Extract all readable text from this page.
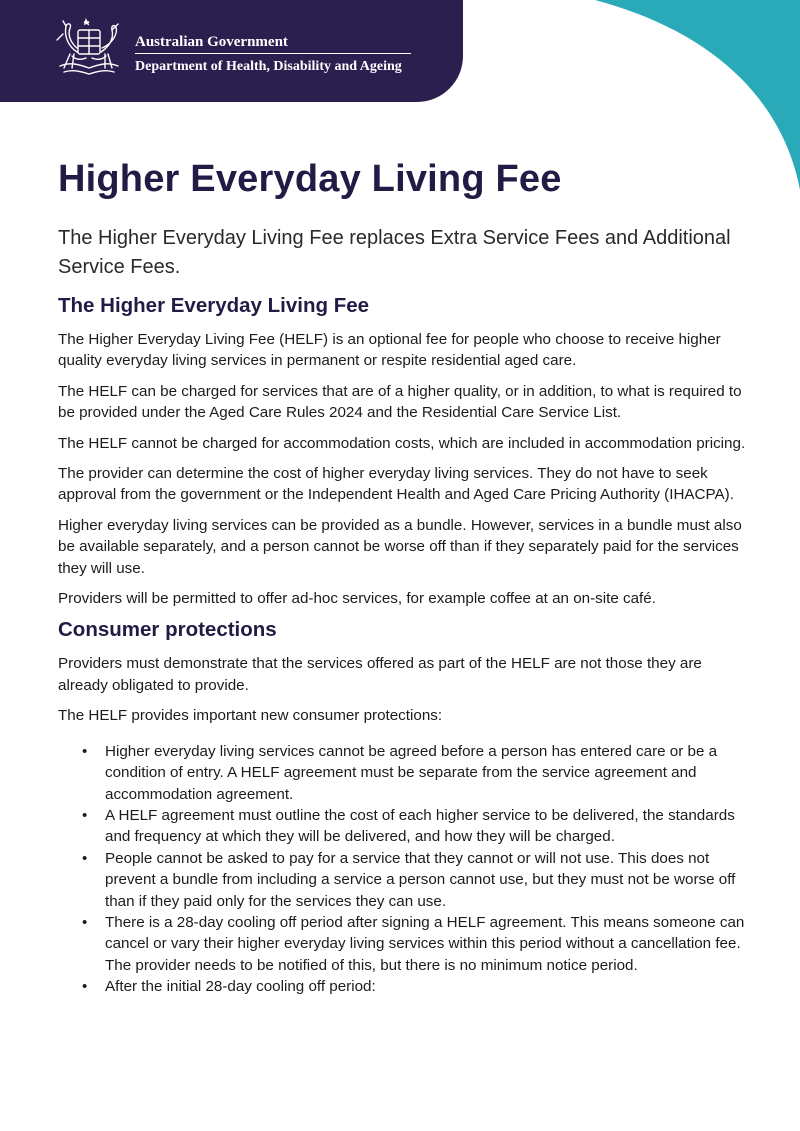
Australian Government
Department of Health, Disability and Ageing
Higher Everyday Living Fee

The Higher Everyday Living Fee replaces Extra Service Fees and Additional Service Fees.

The Higher Everyday Living Fee

The Higher Everyday Living Fee (HELF) is an optional fee for people who choose to receive higher quality everyday living services in permanent or respite residential aged care.

The HELF can be charged for services that are of a higher quality, or in addition, to what is required to be provided under the Aged Care Rules 2024 and the Residential Care Service List.

The HELF cannot be charged for accommodation costs, which are included in accommodation pricing.

The provider can determine the cost of higher everyday living services. They do not have to seek approval from the government or the Independent Health and Aged Care Pricing Authority (IHACPA).

Higher everyday living services can be provided as a bundle. However, services in a bundle must also be available separately, and a person cannot be worse off than if they separately paid for the services they will use.

Providers will be permitted to offer ad-hoc services, for example coffee at an on-site café.

Consumer protections

Providers must demonstrate that the services offered as part of the HELF are not those they are already obligated to provide.

The HELF provides important new consumer protections:

• Higher everyday living services cannot be agreed before a person has entered care or be a condition of entry. A HELF agreement must be separate from the service agreement and accommodation agreement.
• A HELF agreement must outline the cost of each higher service to be delivered, the standards and frequency at which they will be delivered, and how they will be charged.
• People cannot be asked to pay for a service that they cannot or will not use. This does not prevent a bundle from including a service a person cannot use, but they must not be worse off than if they paid only for the services they can use.
• There is a 28-day cooling off period after signing a HELF agreement. This means someone can cancel or vary their higher everyday living services within this period without a cancellation fee. The provider needs to be notified of this, but there is no minimum notice period.
• After the initial 28-day cooling off period:
